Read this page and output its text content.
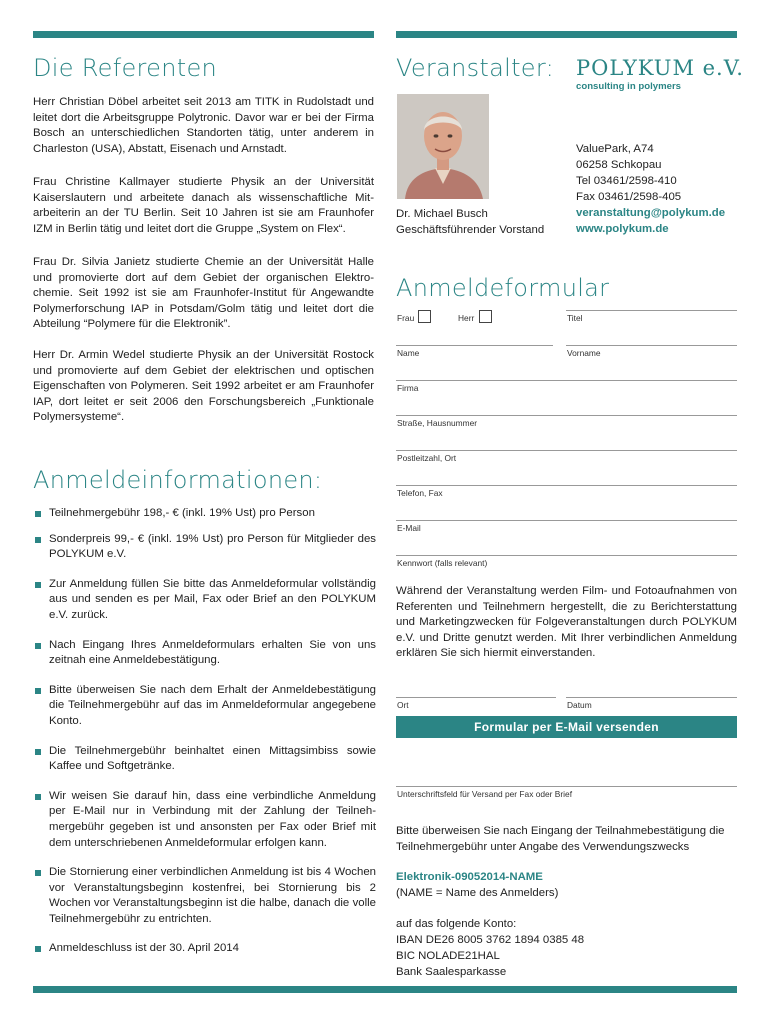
Die Referenten
Herr Christian Döbel arbeitet seit 2013 am TITK in Rudolstadt und leitet dort die Arbeitsgruppe Polytronic. Davor war er bei der Firma Bosch an unterschiedlichen Standorten tätig, unter anderem in Charleston (USA), Abstatt, Eisenach und Arnstadt.
Frau Christine Kallmayer studierte Physik an der Universität Kaiserslautern und arbeitete danach als wissenschaftliche Mitarbeiterin an der TU Berlin. Seit 10 Jahren ist sie am Fraunhofer IZM in Berlin tätig und leitet dort die Gruppe „System on Flex“.
Frau Dr. Silvia Janietz studierte Chemie an der Universität Halle und promovierte dort auf dem Gebiet der organischen Elektrochemie. Seit 1992 ist sie am Fraunhofer-Institut für Angewandte Polymerforschung IAP in Potsdam/Golm tätig und leitet dort die Abteilung “Polymere für die Elektronik”.
Herr Dr. Armin Wedel studierte Physik an der Universität Rostock und promovierte auf dem Gebiet der elektrischen und optischen Eigenschaften von Polymeren. Seit 1992 arbeitet er am Fraunhofer IAP, dort leitet er seit 2006 den Forschungsbereich „Funktionale Polymersysteme“.
Anmeldeinformationen:
Teilnehmergebühr 198,- € (inkl. 19% Ust) pro Person
Sonderpreis 99,- € (inkl. 19% Ust) pro Person für Mitglieder des POLYKUM e.V.
Zur Anmeldung füllen Sie bitte das Anmeldeformular vollständig aus und senden es per Mail, Fax oder Brief an den POLYKUM e.V. zurück.
Nach Eingang Ihres Anmeldeformulars erhalten Sie von uns zeitnah eine Anmeldebestätigung.
Bitte überweisen Sie nach dem Erhalt der Anmeldebestätigung die Teilnehmergebühr auf das im Anmeldeformular angegebene Konto.
Die Teilnehmergebühr beinhaltet einen Mittagsimbiss sowie Kaffee und Softgetränke.
Wir weisen Sie darauf hin, dass eine verbindliche Anmeldung per E-Mail nur in Verbindung mit der Zahlung der Teilnehmergebühr gegeben ist und ansonsten per Fax oder Brief mit dem unterschriebenen Anmeldeformular erfolgen kann.
Die Stornierung einer verbindlichen Anmeldung ist bis 4 Wochen vor Veranstaltungsbeginn kostenfrei, bei Stornierung bis 2 Wochen vor Veranstaltungsbeginn ist die halbe, danach die volle Teilnehmergebühr zu entrichten.
Anmeldeschluss ist der 30. April 2014
Veranstalter: POLYKUM e.V.
consulting in polymers
Dr. Michael Busch
Geschäftsführender Vorstand
ValuePark, A74
06258 Schkopau
Tel 03461/2598-410
Fax 03461/2598-405
veranstaltung@polykum.de
www.polykum.de
Anmeldeformular
Frau	Herr	Titel
Name	Vorname
Firma
Straße, Hausnummer
Postleitzahl, Ort
Telefon, Fax
E-Mail
Kennwort (falls relevant)
Während der Veranstaltung werden Film- und Fotoaufnahmen von Referenten und Teilnehmern hergestellt, die zu Berichterstattung und Marketingzwecken für Folgeveranstaltungen durch POLYKUM e.V. und Dritte genutzt werden. Mit Ihrer verbindlichen Anmeldung erklären Sie sich hiermit einverstanden.
Ort	Datum
Formular per E-Mail versenden
Unterschriftsfeld für Versand per Fax oder Brief
Bitte überweisen Sie nach Eingang der Teilnahmebestätigung die Teilnehmergebühr unter Angabe des Verwendungszwecks
Elektronik-09052014-NAME
(NAME = Name des Anmelders)
auf das folgende Konto:
IBAN DE26 8005 3762 1894 0385 48
BIC NOLADE21HAL
Bank Saalesparkasse
